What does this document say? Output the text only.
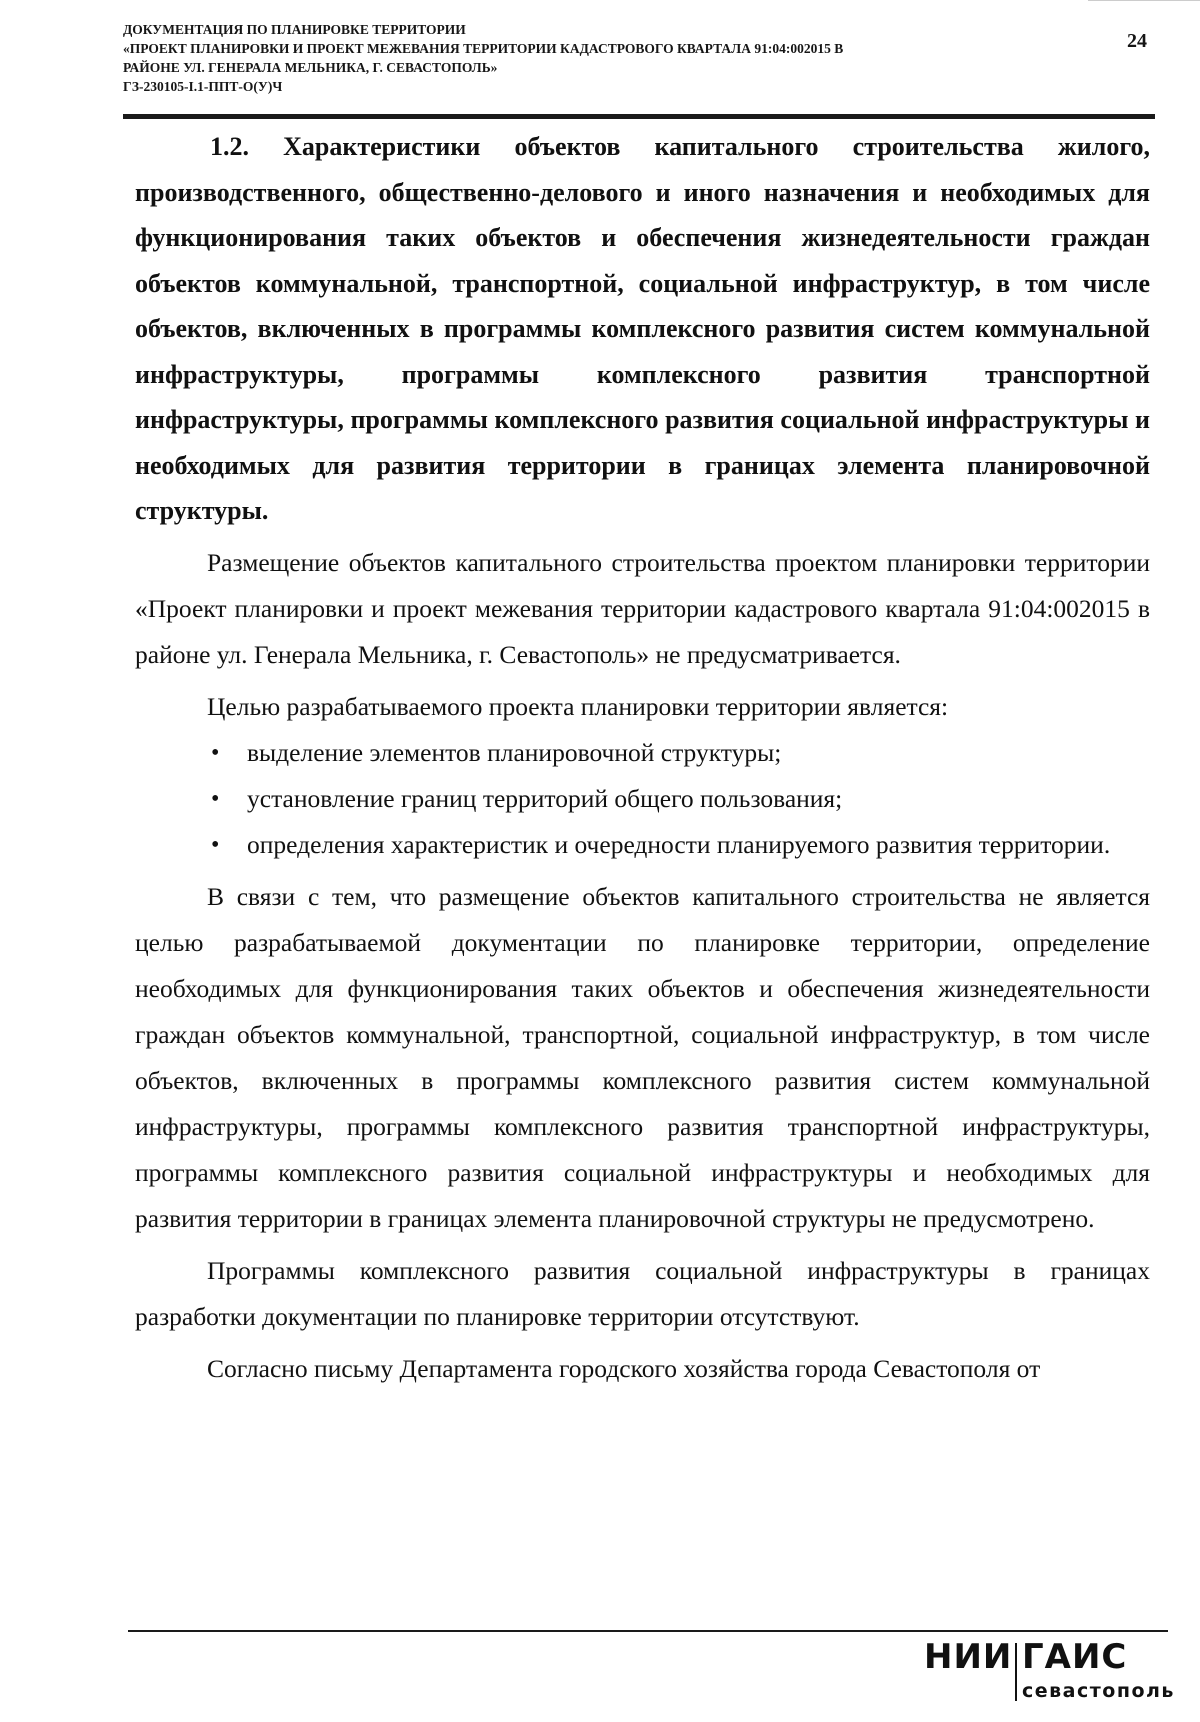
ДОКУМЕНТАЦИЯ ПО ПЛАНИРОВКЕ ТЕРРИТОРИИ
«ПРОЕКТ ПЛАНИРОВКИ И ПРОЕКТ МЕЖЕВАНИЯ ТЕРРИТОРИИ КАДАСТРОВОГО КВАРТАЛА 91:04:002015 В
РАЙОНЕ УЛ. ГЕНЕРАЛА МЕЛЬНИКА, Г. СЕВАСТОПОЛЬ»
ГЗ-230105-I.1-ППТ-О(У)Ч
24

1.2. Характеристики объектов капитального строительства жилого, производственного, общественно-делового и иного назначения и необходимых для функционирования таких объектов и обеспечения жизнедеятельности граждан объектов коммунальной, транспортной, социальной инфраструктур, в том числе объектов, включенных в программы комплексного развития систем коммунальной инфраструктуры, программы комплексного развития транспортной инфраструктуры, программы комплексного развития социальной инфраструктуры и необходимых для развития территории в границах элемента планировочной структуры.

Размещение объектов капитального строительства проектом планировки территории «Проект планировки и проект межевания территории кадастрового квартала 91:04:002015 в районе ул. Генерала Мельника, г. Севастополь» не предусматривается.

Целью разрабатываемого проекта планировки территории является:

• выделение элементов планировочной структуры;
• установление границ территорий общего пользования;
• определения характеристик и очередности планируемого развития территории.

В связи с тем, что размещение объектов капитального строительства не является целью разрабатываемой документации по планировке территории, определение необходимых для функционирования таких объектов и обеспечения жизнедеятельности граждан объектов коммунальной, транспортной, социальной инфраструктур, в том числе объектов, включенных в программы комплексного развития систем коммунальной инфраструктуры, программы комплексного развития транспортной инфраструктуры, программы комплексного развития социальной инфраструктуры и необходимых для развития территории в границах элемента планировочной структуры не предусмотрено.

Программы комплексного развития социальной инфраструктуры в границах разработки документации по планировке территории отсутствуют.

Согласно письму Департамента городского хозяйства города Севастополя от

НИИ ГАИС
севастополь
